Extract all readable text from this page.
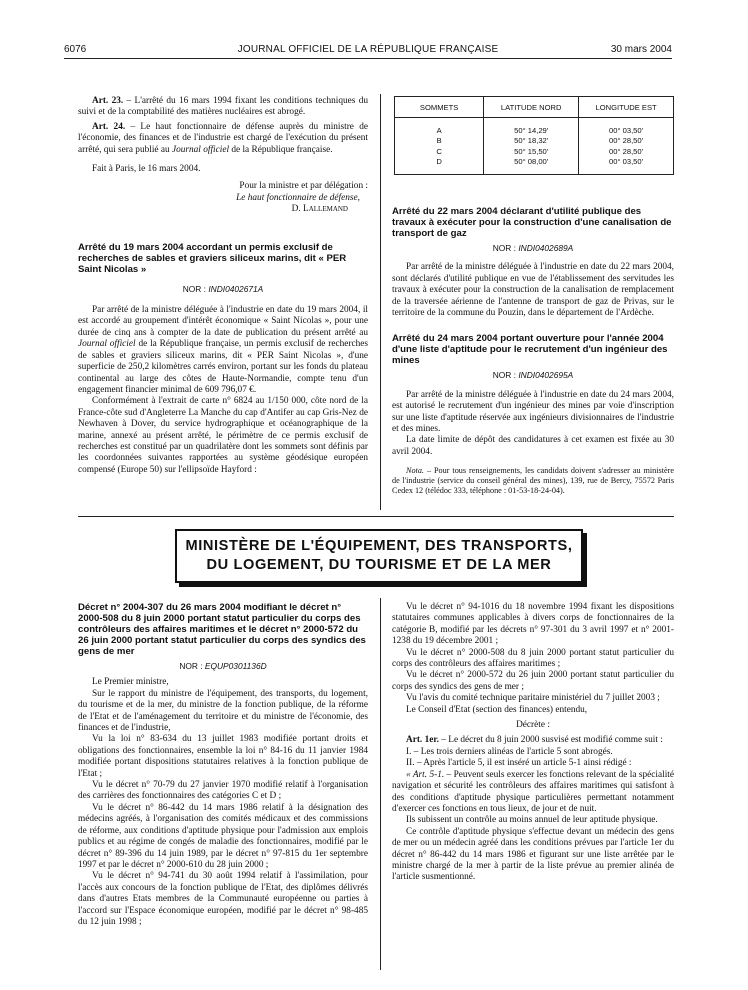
6076	JOURNAL OFFICIEL DE LA RÉPUBLIQUE FRANÇAISE	30 mars 2004

Art. 23. – L'arrêté du 16 mars 1994 fixant les conditions techniques du suivi et de la comptabilité des matières nucléaires est abrogé.

Art. 24. – Le haut fonctionnaire de défense auprès du ministre de l'économie, des finances et de l'industrie est chargé de l'exécution du présent arrêté, qui sera publié au Journal officiel de la République française.

Fait à Paris, le 16 mars 2004.

Pour la ministre et par délégation :

Le haut fonctionnaire de défense,

D. Lallemand

Arrêté du 19 mars 2004 accordant un permis exclusif de recherches de sables et graviers siliceux marins, dit « PER Saint Nicolas »

NOR : INDI0402671A

Par arrêté de la ministre déléguée à l'industrie en date du 19 mars 2004, il est accordé au groupement d'intérêt économique « Saint Nicolas », pour une durée de cinq ans à compter de la date de publication du présent arrêté au Journal officiel de la République française, un permis exclusif de recherches de sables et graviers siliceux marins, dit « PER Saint Nicolas », d'une superficie de 250,2 kilomètres carrés environ, portant sur les fonds du plateau continental au large des côtes de Haute-Normandie, compte tenu d'un engagement financier minimal de 609 796,07 €.

Conformément à l'extrait de carte n° 6824 au 1/150 000, côte nord de la France-côte sud d'Angleterre La Manche du cap d'Antifer au cap Gris-Nez de Newhaven à Dover, du service hydrographique et océanographique de la marine, annexé au présent arrêté, le périmètre de ce permis exclusif de recherches est constitué par un quadrilatère dont les sommets sont définis par les coordonnées suivantes rapportées au système géodésique européen compensé (Europe 50) sur l'ellipsoïde Hayford :

SOMMETS	LATITUDE NORD	LONGITUDE EST

A	50° 14,29'	00° 03,50'
B	50° 18,32'	00° 28,50'
C	50° 15,50'	00° 28,50'
D	50° 08,00'	00° 03,50'

Arrêté du 22 mars 2004 déclarant d'utilité publique des travaux à exécuter pour la construction d'une canalisation de transport de gaz

NOR : INDI0402689A

Par arrêté de la ministre déléguée à l'industrie en date du 22 mars 2004, sont déclarés d'utilité publique en vue de l'établissement des servitudes les travaux à exécuter pour la construction de la canalisation de remplacement de la traversée aérienne de l'antenne de transport de gaz de Privas, sur le territoire de la commune du Pouzin, dans le département de l'Ardèche.

Arrêté du 24 mars 2004 portant ouverture pour l'année 2004 d'une liste d'aptitude pour le recrutement d'un ingénieur des mines

NOR : INDI0402695A

Par arrêté de la ministre déléguée à l'industrie en date du 24 mars 2004, est autorisé le recrutement d'un ingénieur des mines par voie d'inscription sur une liste d'aptitude réservée aux ingénieurs divisionnaires de l'industrie et des mines.

La date limite de dépôt des candidatures à cet examen est fixée au 30 avril 2004.

Nota. – Pour tous renseignements, les candidats doivent s'adresser au ministère de l'industrie (service du conseil général des mines), 139, rue de Bercy, 75572 Paris Cedex 12 (télédoc 333, téléphone : 01-53-18-24-04).

MINISTÈRE DE L'ÉQUIPEMENT, DES TRANSPORTS,

DU LOGEMENT, DU TOURISME ET DE LA MER

Décret n° 2004-307 du 26 mars 2004 modifiant le décret n° 2000-508 du 8 juin 2000 portant statut particulier du corps des contrôleurs des affaires maritimes et le décret n° 2000-572 du 26 juin 2000 portant statut particulier du corps des syndics des gens de mer

NOR : EQUP0301136D

Le Premier ministre,

Sur le rapport du ministre de l'équipement, des transports, du logement, du tourisme et de la mer, du ministre de la fonction publique, de la réforme de l'Etat et de l'aménagement du territoire et du ministre de l'économie, des finances et de l'industrie,

Vu la loi n° 83-634 du 13 juillet 1983 modifiée portant droits et obligations des fonctionnaires, ensemble la loi n° 84-16 du 11 janvier 1984 modifiée portant dispositions statutaires relatives à la fonction publique de l'Etat ;

Vu le décret n° 70-79 du 27 janvier 1970 modifié relatif à l'organisation des carrières des fonctionnaires des catégories C et D ;

Vu le décret n° 86-442 du 14 mars 1986 relatif à la désignation des médecins agréés, à l'organisation des comités médicaux et des commissions de réforme, aux conditions d'aptitude physique pour l'admission aux emplois publics et au régime de congés de maladie des fonctionnaires, modifié par le décret n° 89-396 du 14 juin 1989, par le décret n° 97-815 du 1er septembre 1997 et par le décret n° 2000-610 du 28 juin 2000 ;

Vu le décret n° 94-741 du 30 août 1994 relatif à l'assimilation, pour l'accès aux concours de la fonction publique de l'Etat, des diplômes délivrés dans d'autres Etats membres de la Communauté européenne ou parties à l'accord sur l'Espace économique européen, modifié par le décret n° 98-485 du 12 juin 1998 ;

Vu le décret n° 94-1016 du 18 novembre 1994 fixant les dispositions statutaires communes applicables à divers corps de fonctionnaires de la catégorie B, modifié par les décrets n° 97-301 du 3 avril 1997 et n° 2001-1238 du 19 décembre 2001 ;

Vu le décret n° 2000-508 du 8 juin 2000 portant statut particulier du corps des contrôleurs des affaires maritimes ;

Vu le décret n° 2000-572 du 26 juin 2000 portant statut particulier du corps des syndics des gens de mer ;

Vu l'avis du comité technique paritaire ministériel du 7 juillet 2003 ;

Le Conseil d'Etat (section des finances) entendu,

Décrète :

Art. 1er. – Le décret du 8 juin 2000 susvisé est modifié comme suit :

I. – Les trois derniers alinéas de l'article 5 sont abrogés.

II. – Après l'article 5, il est inséré un article 5-1 ainsi rédigé :

« Art. 5-1. – Peuvent seuls exercer les fonctions relevant de la spécialité navigation et sécurité les contrôleurs des affaires maritimes qui satisfont à des conditions d'aptitude physique particulières permettant notamment d'exercer ces fonctions en tous lieux, de jour et de nuit.

Ils subissent un contrôle au moins annuel de leur aptitude physique.

Ce contrôle d'aptitude physique s'effectue devant un médecin des gens de mer ou un médecin agréé dans les conditions prévues par l'article 1er du décret n° 86-442 du 14 mars 1986 et figurant sur une liste arrêtée par le ministre chargé de la mer à partir de la liste prévue au premier alinéa de l'article susmentionné.
